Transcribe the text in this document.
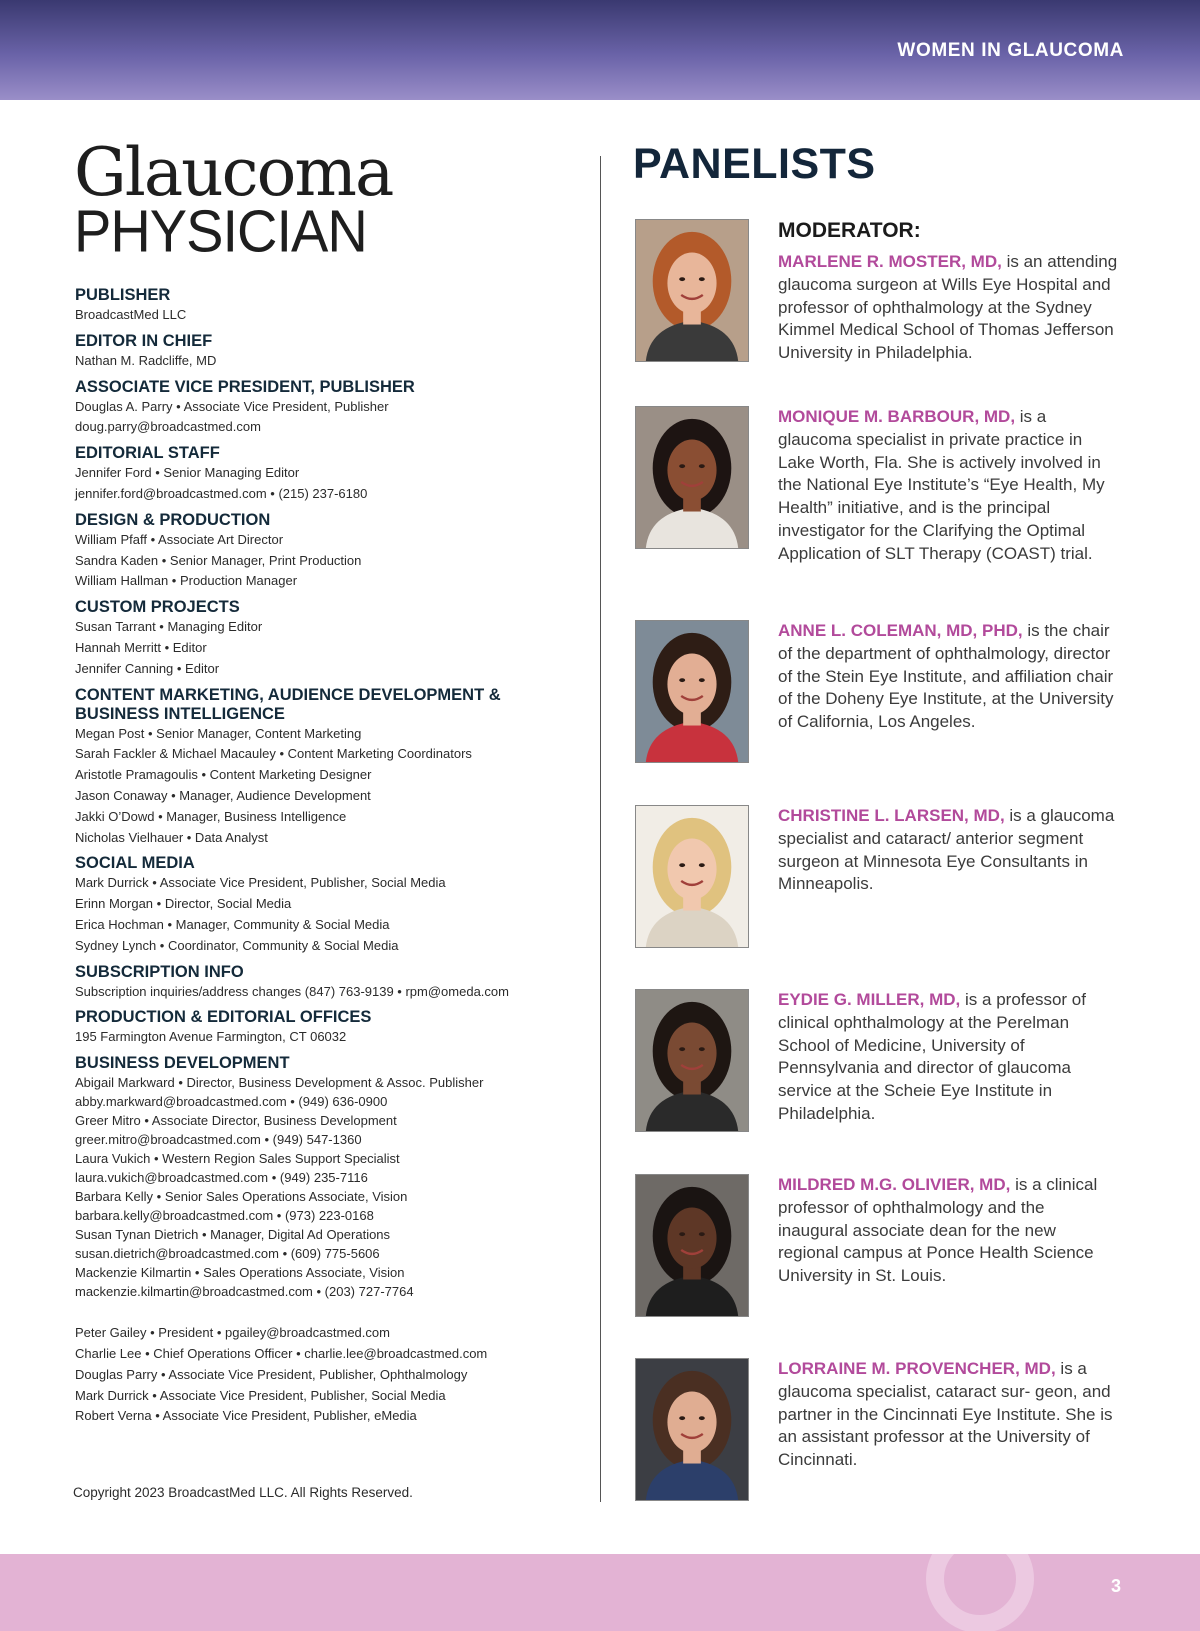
WOMEN IN GLAUCOMA
Glaucoma
PHYSICIAN
PUBLISHER
BroadcastMed LLC
EDITOR IN CHIEF
Nathan M. Radcliffe, MD
ASSOCIATE VICE PRESIDENT, PUBLISHER
Douglas A. Parry • Associate Vice President, Publisher
doug.parry@broadcastmed.com
EDITORIAL STAFF
Jennifer Ford • Senior Managing Editor
jennifer.ford@broadcastmed.com • (215) 237-6180
DESIGN & PRODUCTION
William Pfaff • Associate Art Director
Sandra Kaden • Senior Manager, Print Production
William Hallman • Production Manager
CUSTOM PROJECTS
Susan Tarrant • Managing Editor
Hannah Merritt • Editor
Jennifer Canning • Editor
CONTENT MARKETING, AUDIENCE DEVELOPMENT & BUSINESS INTELLIGENCE
Megan Post • Senior Manager, Content Marketing
Sarah Fackler & Michael Macauley • Content Marketing Coordinators
Aristotle Pramagoulis • Content Marketing Designer
Jason Conaway • Manager, Audience Development
Jakki O’Dowd • Manager, Business Intelligence
Nicholas Vielhauer • Data Analyst
SOCIAL MEDIA
Mark Durrick • Associate Vice President, Publisher, Social Media
Erinn Morgan • Director, Social Media
Erica Hochman • Manager, Community & Social Media
Sydney Lynch • Coordinator, Community & Social Media
SUBSCRIPTION INFO
Subscription inquiries/address changes (847) 763-9139 • rpm@omeda.com
PRODUCTION & EDITORIAL OFFICES
195 Farmington Avenue Farmington, CT 06032
BUSINESS DEVELOPMENT
Abigail Markward • Director, Business Development & Assoc. Publisher
abby.markward@broadcastmed.com • (949) 636-0900
Greer Mitro • Associate Director, Business Development
greer.mitro@broadcastmed.com • (949) 547-1360
Laura Vukich • Western Region Sales Support Specialist
laura.vukich@broadcastmed.com • (949) 235-7116
Barbara Kelly • Senior Sales Operations Associate, Vision
barbara.kelly@broadcastmed.com • (973) 223-0168
Susan Tynan Dietrich • Manager, Digital Ad Operations
susan.dietrich@broadcastmed.com • (609) 775-5606
Mackenzie Kilmartin • Sales Operations Associate, Vision
mackenzie.kilmartin@broadcastmed.com • (203) 727-7764
Peter Gailey • President • pgailey@broadcastmed.com
Charlie Lee • Chief Operations Officer • charlie.lee@broadcastmed.com
Douglas Parry • Associate Vice President, Publisher, Ophthalmology
Mark Durrick • Associate Vice President, Publisher, Social Media
Robert Verna • Associate Vice President, Publisher, eMedia
Copyright 2023 BroadcastMed LLC. All Rights Reserved.
PANELISTS
MODERATOR:
MARLENE R. MOSTER, MD, is an attending glaucoma surgeon at Wills Eye Hospital and professor of ophthalmology at the Sydney Kimmel Medical School of Thomas Jefferson University in Philadelphia.
MONIQUE M. BARBOUR, MD, is a glaucoma specialist in private practice in Lake Worth, Fla. She is actively involved in the National Eye Institute’s “Eye Health, My Health” initiative, and is the principal investigator for the Clarifying the Optimal Application of SLT Therapy (COAST) trial.
ANNE L. COLEMAN, MD, PHD, is the chair of the department of ophthalmology, director of the Stein Eye Institute, and affiliation chair of the Doheny Eye Institute, at the University of California, Los Angeles.
CHRISTINE L. LARSEN, MD, is a glaucoma specialist and cataract/ anterior segment surgeon at Minnesota Eye Consultants in Minneapolis.
EYDIE G. MILLER, MD, is a professor of clinical ophthalmology at the Perelman School of Medicine, University of Pennsylvania and director of glaucoma service at the Scheie Eye Institute in Philadelphia.
MILDRED M.G. OLIVIER, MD, is a clinical professor of ophthalmology and the inaugural associate dean for the new regional campus at Ponce Health Science University in St. Louis.
LORRAINE M. PROVENCHER, MD, is a glaucoma specialist, cataract sur- geon, and partner in the Cincinnati Eye Institute. She is an assistant professor at the University of Cincinnati.
3
